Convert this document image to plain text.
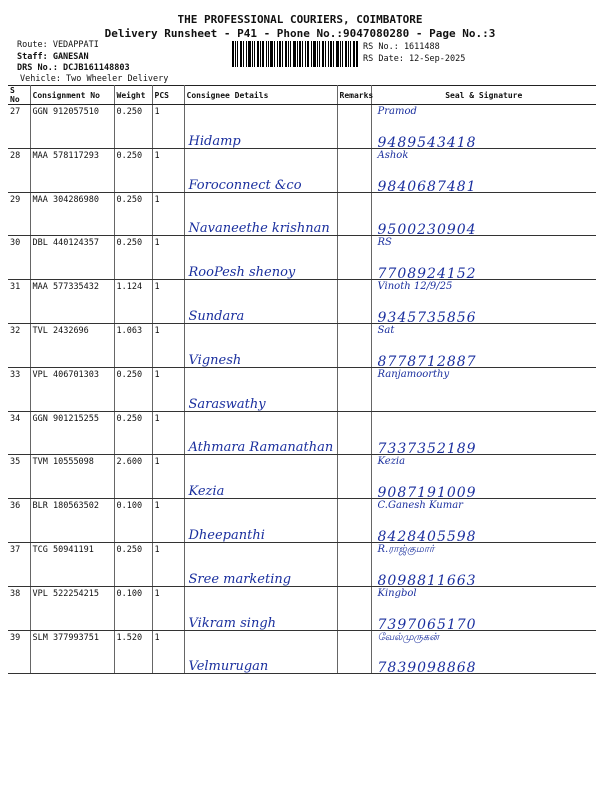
THE PROFESSIONAL COURIERS, COIMBATORE
Delivery Runsheet - P41 - Phone No.:9047080280 - Page No.:3
Route: VEDAPPATI
Staff: GANESAN
DRS No.: DCJB161148803
Vehicle: Two Wheeler Delivery
RS No.: 1611488
RS Date: 12-Sep-2025
S No	Consignment No	Weight	PCS	Consignee Details	Remarks	Seal & Signature
27	GGN 912057510	0.250	1	Hidamp		Pramod
9489543418

28	MAA 578117293	0.250	1	Foroconnect &co		Ashok
9840687481

29	MAA 304286980	0.250	1	Navaneethe krishnan		9500230904

30	DBL 440124357	0.250	1	RooPesh shenoy		RS
7708924152

31	MAA 577335432	1.124	1	Sundara		Vinoth 12/9/25
9345735856

32	TVL 2432696	1.063	1	Vignesh		Sat
8778712887

33	VPL 406701303	0.250	1	Saraswathy		Ranjamoorthy

34	GGN 901215255	0.250	1	Athmara Ramanathan		7337352189

35	TVM 10555098	2.600	1	Kezia		Kezia
9087191009

36	BLR 180563502	0.100	1	Dheepanthi		C.Ganesh Kumar
8428405598

37	TCG 50941191	0.250	1	Sree marketing		R.ராஜ்குமார்
8098811663

38	VPL 522254215	0.100	1	Vikram singh		Kingbol
7397065170

39	SLM 377993751	1.520	1	Velmurugan		வேல்முருகன்
7839098868
